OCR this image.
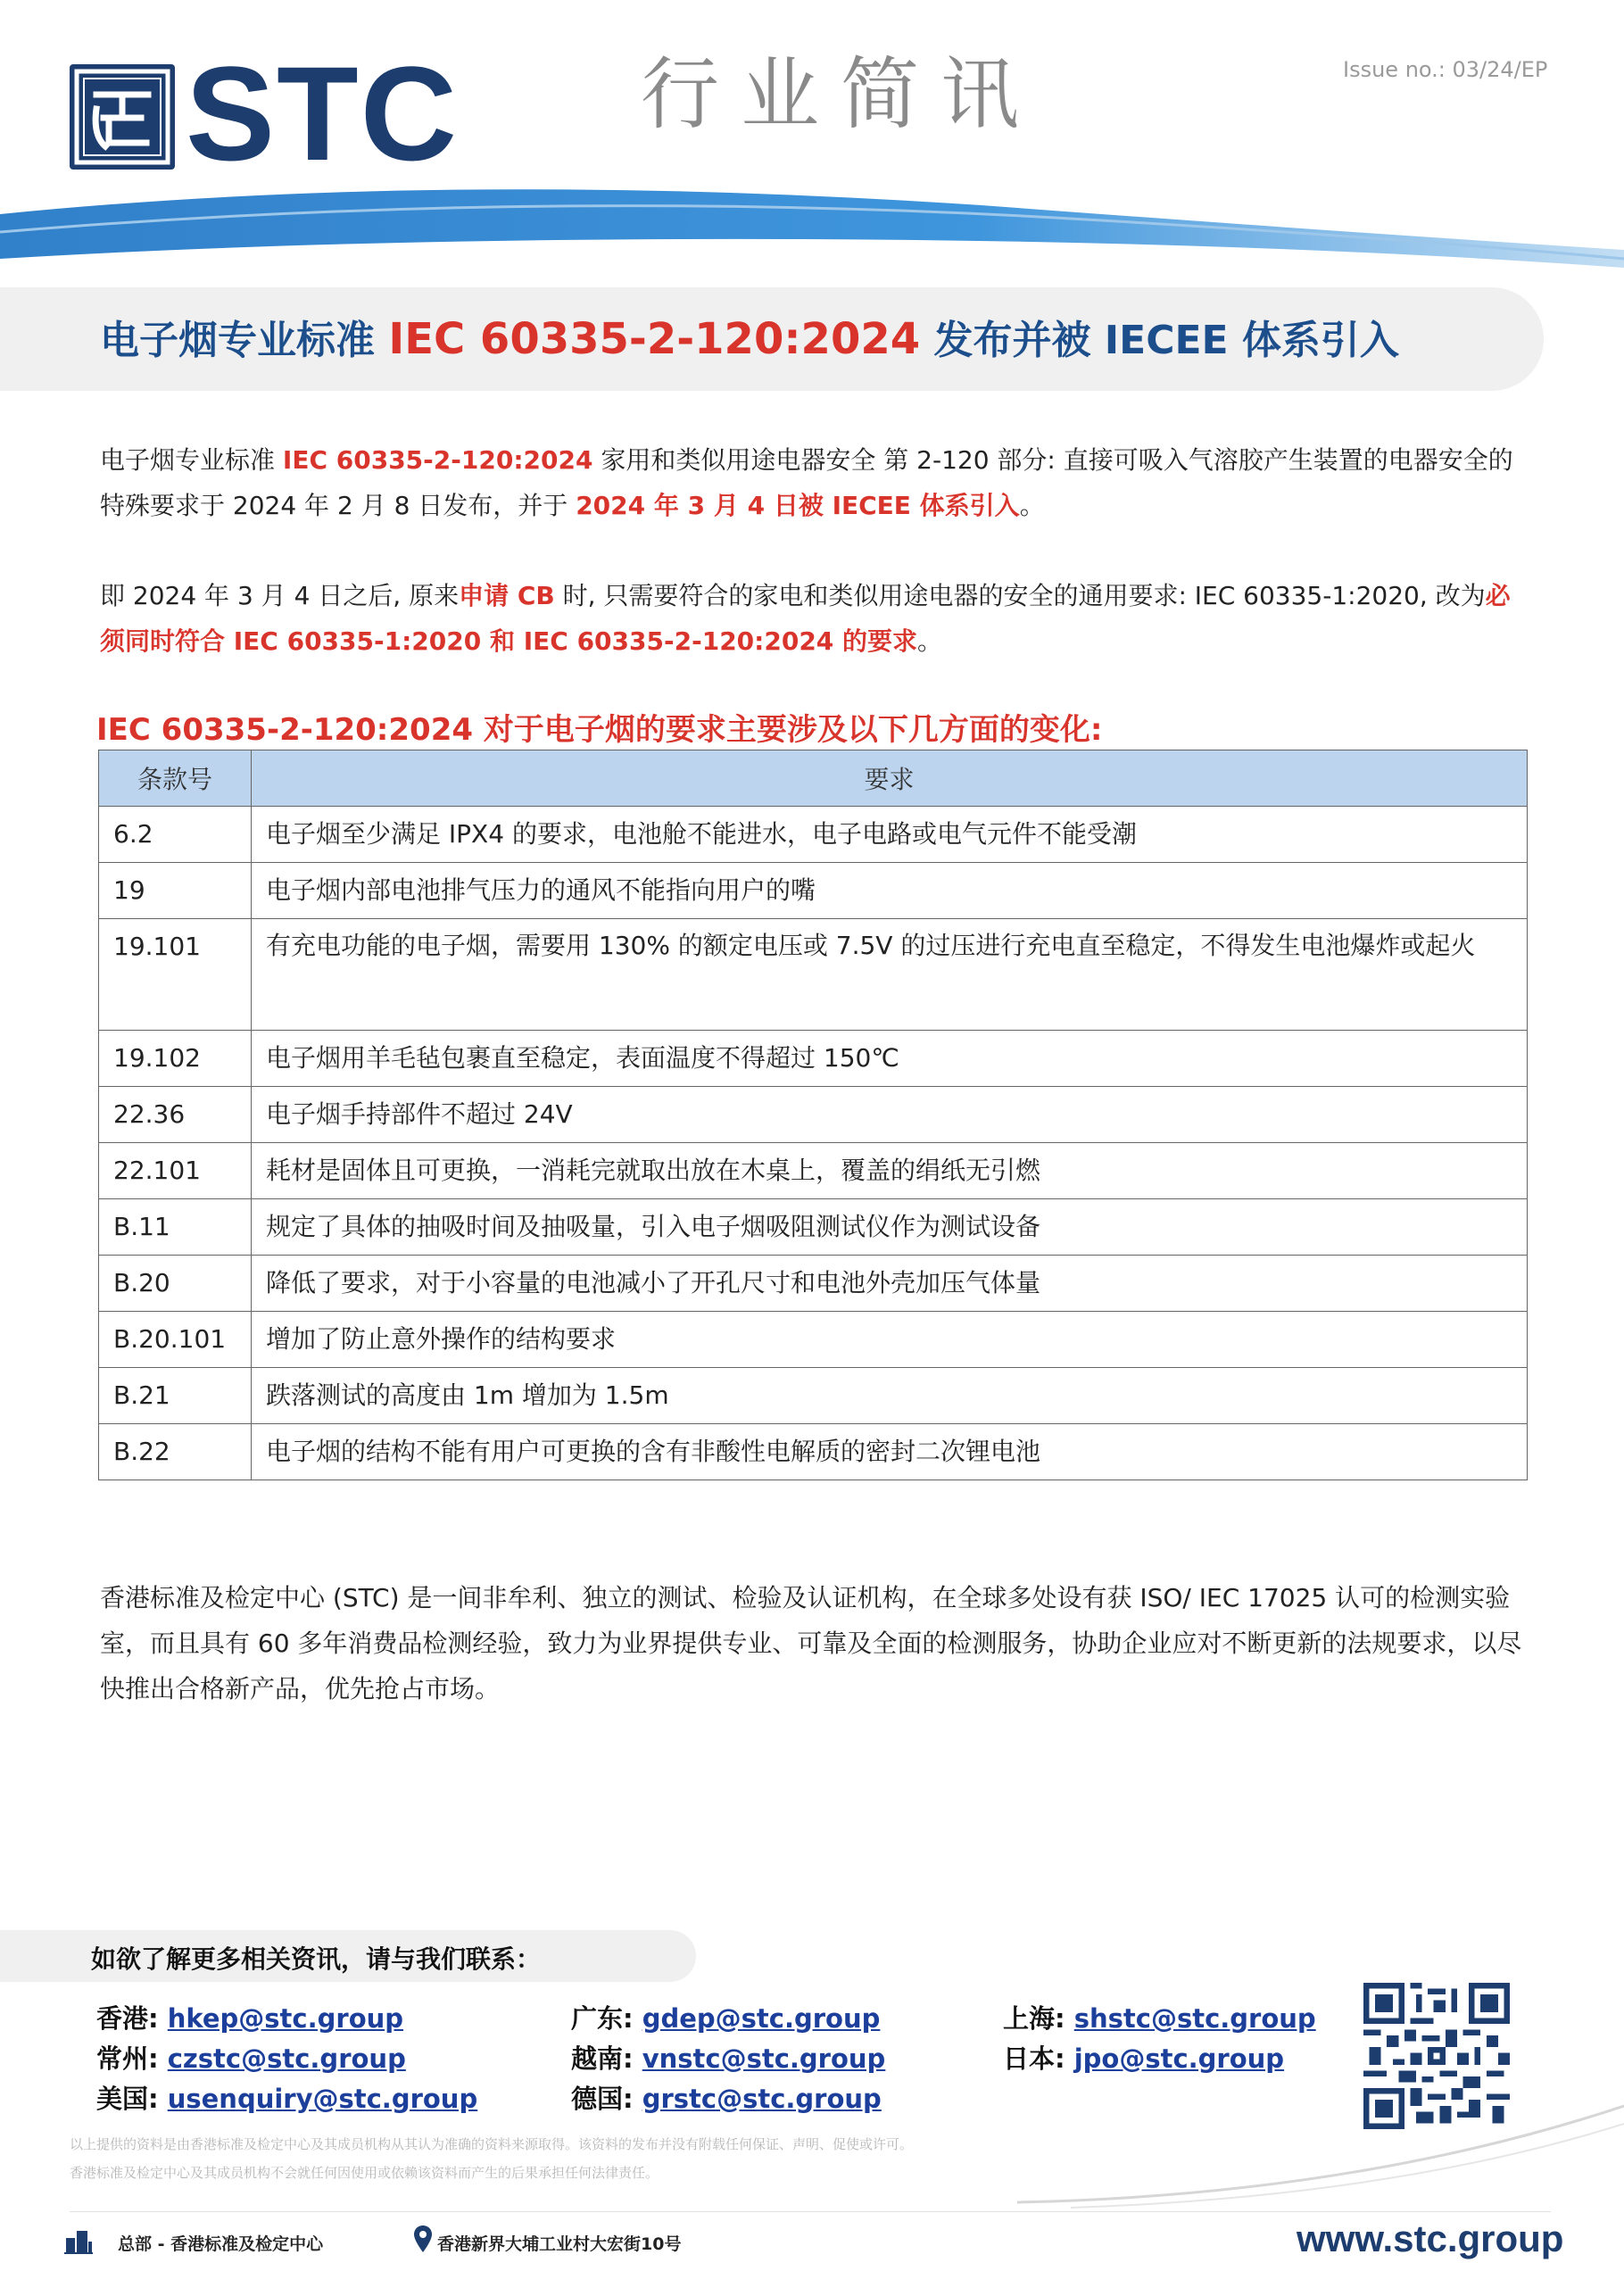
STC 行业简讯	Issue no.: 03/24/EP
电子烟专业标准 IEC 60335-2-120:2024 发布并被 IECEE 体系引入
电子烟专业标准 IEC 60335-2-120:2024 家用和类似用途电器安全 第 2-120 部分: 直接可吸入气溶胶产生装置的电器安全的特殊要求于 2024 年 2 月 8 日发布，并于 2024 年 3 月 4 日被 IECEE 体系引入。
即 2024 年 3 月 4 日之后, 原来申请 CB 时, 只需要符合的家电和类似用途电器的安全的通用要求: IEC 60335-1:2020, 改为必须同时符合 IEC 60335-1:2020 和 IEC 60335-2-120:2024 的要求。
IEC 60335-2-120:2024 对于电子烟的要求主要涉及以下几方面的变化:
条款号	要求
6.2	电子烟至少满足 IPX4 的要求，电池舱不能进水，电子电路或电气元件不能受潮
19	电子烟内部电池排气压力的通风不能指向用户的嘴
19.101	有充电功能的电子烟，需要用 130% 的额定电压或 7.5V 的过压进行充电直至稳定，不得发生电池爆炸或起火
19.102	电子烟用羊毛毡包裹直至稳定，表面温度不得超过 150℃
22.36	电子烟手持部件不超过 24V
22.101	耗材是固体且可更换，一消耗完就取出放在木桌上，覆盖的绢纸无引燃
B.11	规定了具体的抽吸时间及抽吸量，引入电子烟吸阻测试仪作为测试设备
B.20	降低了要求，对于小容量的电池减小了开孔尺寸和电池外壳加压气体量
B.20.101	增加了防止意外操作的结构要求
B.21	跌落测试的高度由 1m 增加为 1.5m
B.22	电子烟的结构不能有用户可更换的含有非酸性电解质的密封二次锂电池
香港标准及检定中心 (STC) 是一间非牟利、独立的测试、检验及认证机构，在全球多处设有获 ISO/ IEC 17025 认可的检测实验室，而且具有 60 多年消费品检测经验，致力为业界提供专业、可靠及全面的检测服务，协助企业应对不断更新的法规要求，以尽快推出合格新产品，优先抢占市场。
如欲了解更多相关资讯，请与我们联系：
香港: hkep@stc.group	广东: gdep@stc.group	上海: shstc@stc.group
常州: czstc@stc.group	越南: vnstc@stc.group	日本: jpo@stc.group
美国: usenquiry@stc.group	德国: grstc@stc.group
以上提供的资料是由香港标准及检定中心及其成员机构从其认为准确的资料来源取得。该资料的发布并没有附载任何保证、声明、促使或许可。
香港标准及检定中心及其成员机构不会就任何因使用或依赖该资料而产生的后果承担任何法律责任。
总部 - 香港标准及检定中心	香港新界大埔工业村大宏街10号	www.stc.group
